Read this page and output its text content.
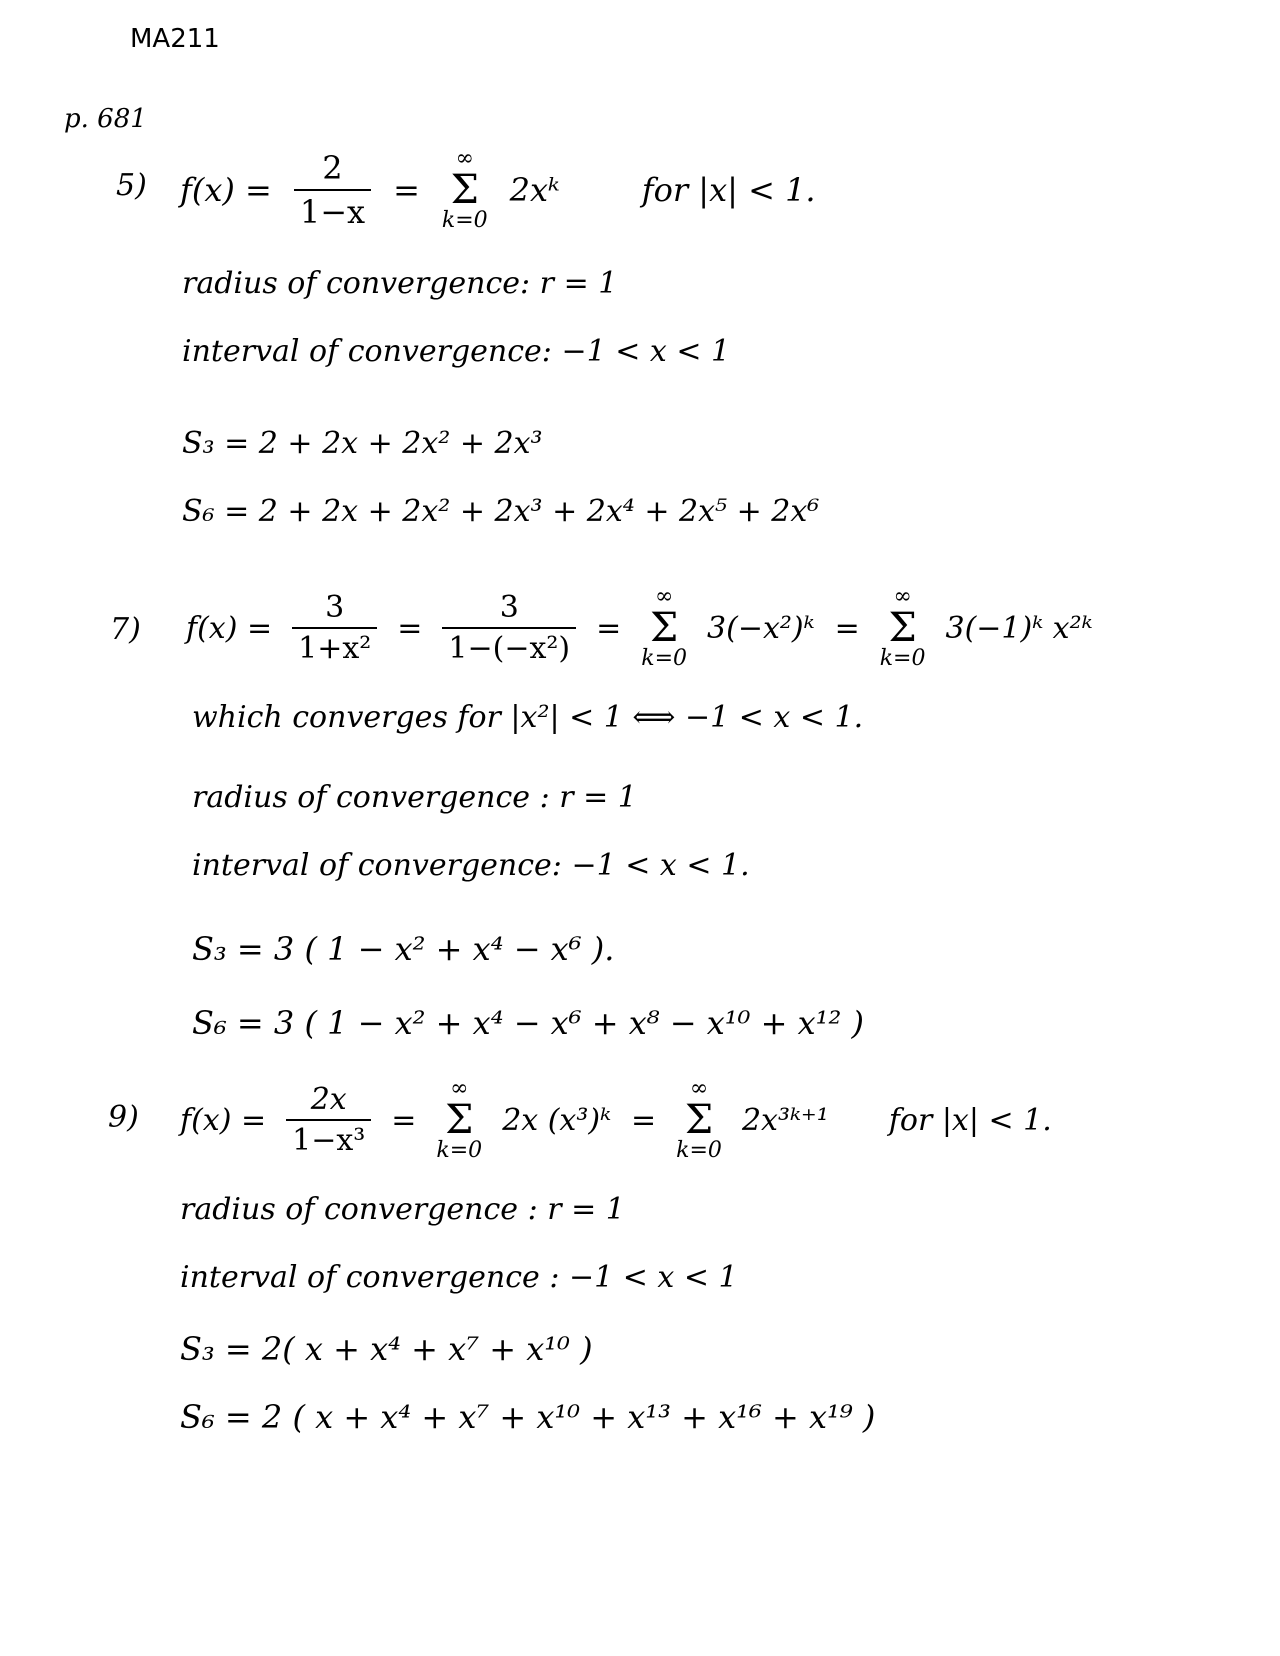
MA211
p. 681
5) $f(x) = \frac{2}{1-x}$ =
∞
Σ
k=0
2xᵏ	for |x| < 1.
radius of convergence: r = 1
interval of convergence: −1 < x < 1
S₃ = 2 + 2x + 2x² + 2x³
S₆ = 2 + 2x + 2x² + 2x³ + 2x⁴ + 2x⁵ + 2x⁶
7) $f(x) = \frac{3}{\text{1+x²}} = \frac{3}{\text{1−(−x²)}}$ =
∞
Σ
k=0
3(−x²)ᵏ =
∞
Σ
k=0
3(−1)ᵏ x²ᵏ
which converges for |x²| < 1 ⟺ −1 < x < 1.
radius of convergence : r = 1
interval of convergence: −1 < x < 1.
S₃ = 3 ( 1 − x² + x⁴ − x⁶ ).
S₆ = 3 ( 1 − x² + x⁴ − x⁶ + x⁸ − x¹⁰ + x¹² )
9) $f(x) = \frac{2x}{\text{1−x³}}$ =
∞
Σ
k=0
2x (x³)ᵏ =
∞
Σ
k=0
2x³ᵏ⁺¹ for |x| < 1.
radius of convergence : r = 1
interval of convergence : −1 < x < 1
S₃ = 2( x + x⁴ + x⁷ + x¹⁰ )
S₆ = 2 ( x + x⁴ + x⁷ + x¹⁰ + x¹³ + x¹⁶ + x¹⁹ )
